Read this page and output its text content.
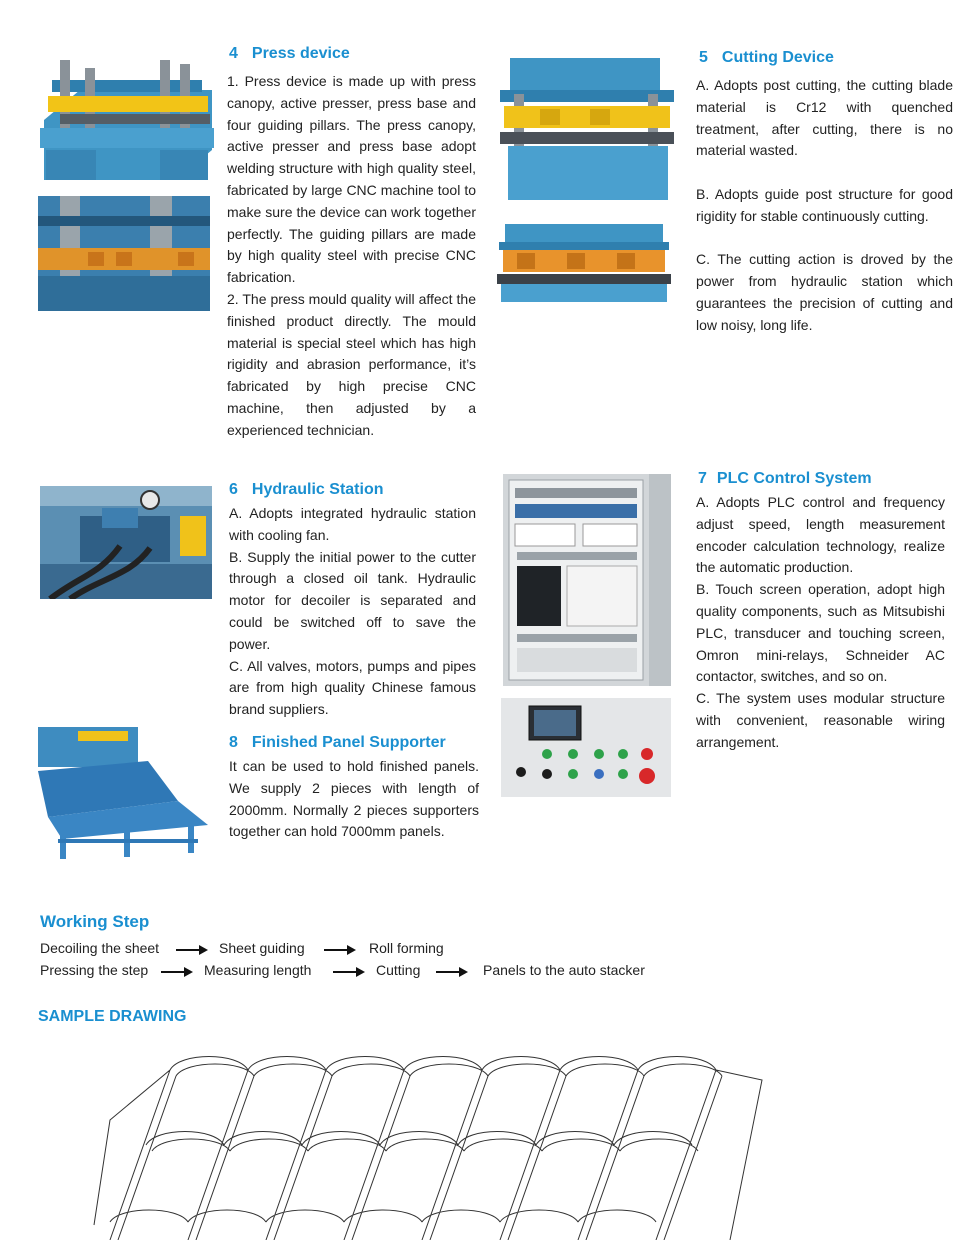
4 Press device

1. Press device is made up with press canopy, active presser, press base and four guiding pillars. The press canopy, active presser and press base adopt welding structure with high quality steel, fabricated by large CNC machine tool to make sure the device can work together perfectly. The guiding pillars are made by high quality steel with precise CNC fabrication.

2. The press mould quality will affect the finished product directly. The mould material is special steel which has high rigidity and abrasion performance, it’s fabricated by high precise CNC machine, then adjusted by a experienced technician.

5 Cutting Device

A. Adopts post cutting, the cutting blade material is Cr12 with quenched treatment, after cutting, there is no material wasted.

B. Adopts guide post structure for good rigidity for stable continuously cutting.

C. The cutting action is droved by the power from hydraulic station which guarantees the precision of cutting and low noisy, long life.

6 Hydraulic Station

A. Adopts integrated hydraulic station with cooling fan.

B. Supply the initial power to the cutter through a closed oil tank. Hydraulic motor for decoiler is separated and could be switched off to save the power.

C. All valves, motors, pumps and pipes are from high quality Chinese famous brand suppliers.

7 PLC Control System

A. Adopts PLC control and frequency adjust speed, length measurement encoder calculation technology, realize the automatic production.

B. Touch screen operation, adopt high quality components, such as Mitsubishi PLC, transducer and touching screen, Omron mini-relays, Schneider AC contactor, switches, and so on.

C. The system uses modular structure with convenient, reasonable wiring arrangement.

8 Finished Panel Supporter

It can be used to hold finished panels. We supply 2 pieces with length of 2000mm. Normally 2 pieces supporters together can hold 7000mm panels.

Working Step
Decoiling the sheet	Sheet guiding	Roll forming
Pressing the step	Measuring length	Cutting	Panels to the auto stacker
SAMPLE DRAWING
